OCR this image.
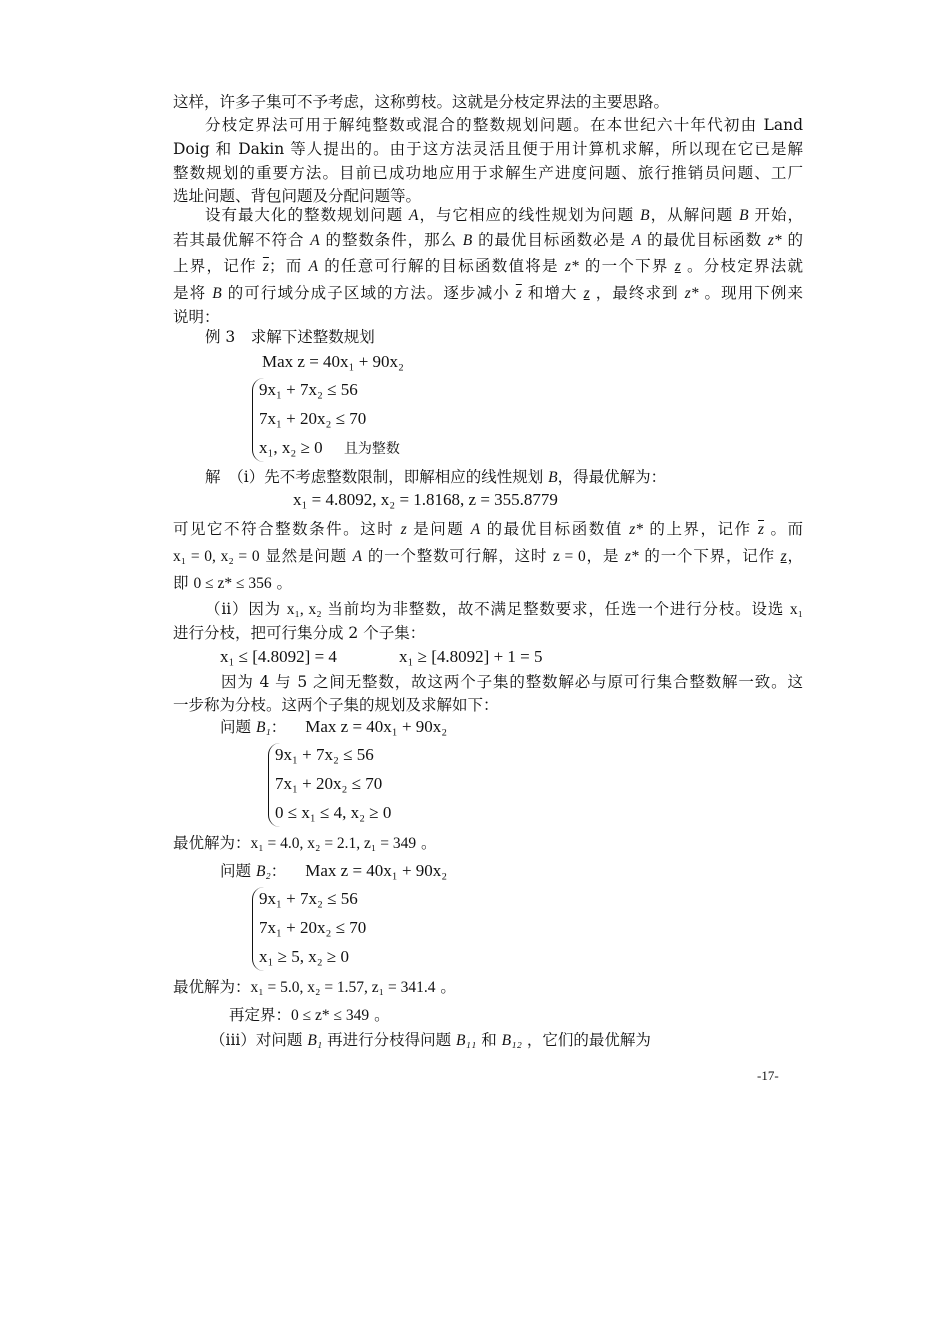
这样，许多子集可不予考虑，这称剪枝。这就是分枝定界法的主要思路。
分枝定界法可用于解纯整数或混合的整数规划问题。在本世纪六十年代初由 Land
Doig 和 Dakin 等人提出的。由于这方法灵活且便于用计算机求解，所以现在它已是解
整数规划的重要方法。目前已成功地应用于求解生产进度问题、旅行推销员问题、工厂
选址问题、背包问题及分配问题等。
设有最大化的整数规划问题 A，与它相应的线性规划为问题 B，从解问题 B 开始，
若其最优解不符合 A 的整数条件，那么 B 的最优目标函数必是 A 的最优目标函数 z* 的
上界，记作 $\overline{z}$；而 A 的任意可行解的目标函数值将是 z* 的一个下界 z 。分枝定界法就
是将 B 的可行域分成子区域的方法。逐步减小 $\overline{z}$ 和增大 z ，最终求到 z* 。现用下例来
说明：
例 3　求解下述整数规划
Max z = 40x₁ + 90x₂
9x₁ + 7x₂ ≤ 56
7x₁ + 20x₂ ≤ 70
x₁, x₂ ≥ 0　 且为整数
解　（i）先不考虑整数限制，即解相应的线性规划 B，得最优解为：
x₁ = 4.8092, x₂ = 1.8168, z = 355.8779
可见它不符合整数条件。这时 z 是问题 A 的最优目标函数值 z* 的上界，记作 $\overline{z}$ 。而
x₁ = 0, x₂ = 0 显然是问题 A 的一个整数可行解，这时 z = 0，是 z* 的一个下界，记作 z，
即 0 ≤ z* ≤ 356 。
（ii）因为 x₁, x₂ 当前均为非整数，故不满足整数要求，任选一个进行分枝。设选 x₁
进行分枝，把可行集分成 2 个子集：
x₁ ≤ [4.8092] = 4	x₁ ≥ [4.8092] + 1 = 5
因为 4 与 5 之间无整数，故这两个子集的整数解必与原可行集合整数解一致。这
一步称为分枝。这两个子集的规划及求解如下：
问题 B₁： Max z = 40x₁ + 90x₂
9x₁ + 7x₂ ≤ 56
7x₁ + 20x₂ ≤ 70
0 ≤ x₁ ≤ 4, x₂ ≥ 0
最优解为：x₁ = 4.0, x₂ = 2.1, z₁ = 349 。
问题 B₂： Max z = 40x₁ + 90x₂
9x₁ + 7x₂ ≤ 56
7x₁ + 20x₂ ≤ 70
x₁ ≥ 5, x₂ ≥ 0
最优解为：x₁ = 5.0, x₂ = 1.57, z₁ = 341.4 。
再定界：0 ≤ z* ≤ 349 。
（iii）对问题 B₁ 再进行分枝得问题 B₁₁ 和 B₁₂ ，它们的最优解为
-17-
